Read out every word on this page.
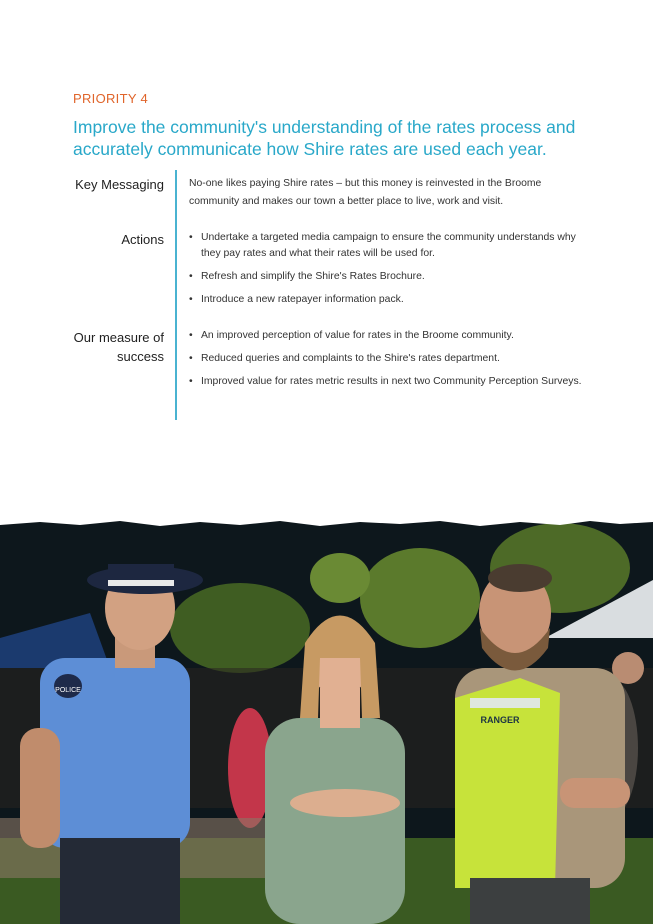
PRIORITY 4
Improve the community's understanding of the rates process and accurately communicate how Shire rates are used each year.
Key Messaging No-one likes paying Shire rates – but this money is reinvested in the Broome community and makes our town a better place to live, work and visit.
Actions
•	Undertake a targeted media campaign to ensure the community understands why they pay rates and what their rates will be used for.
• Refresh and simplify the Shire's Rates Brochure.
• Introduce a new ratepayer information pack.
Our measure of success
• An improved perception of value for rates in the Broome community.
• Reduced queries and complaints to the Shire's rates department.
• Improved value for rates metric results in next two Community Perception Surveys.
POLICE
RANGER
